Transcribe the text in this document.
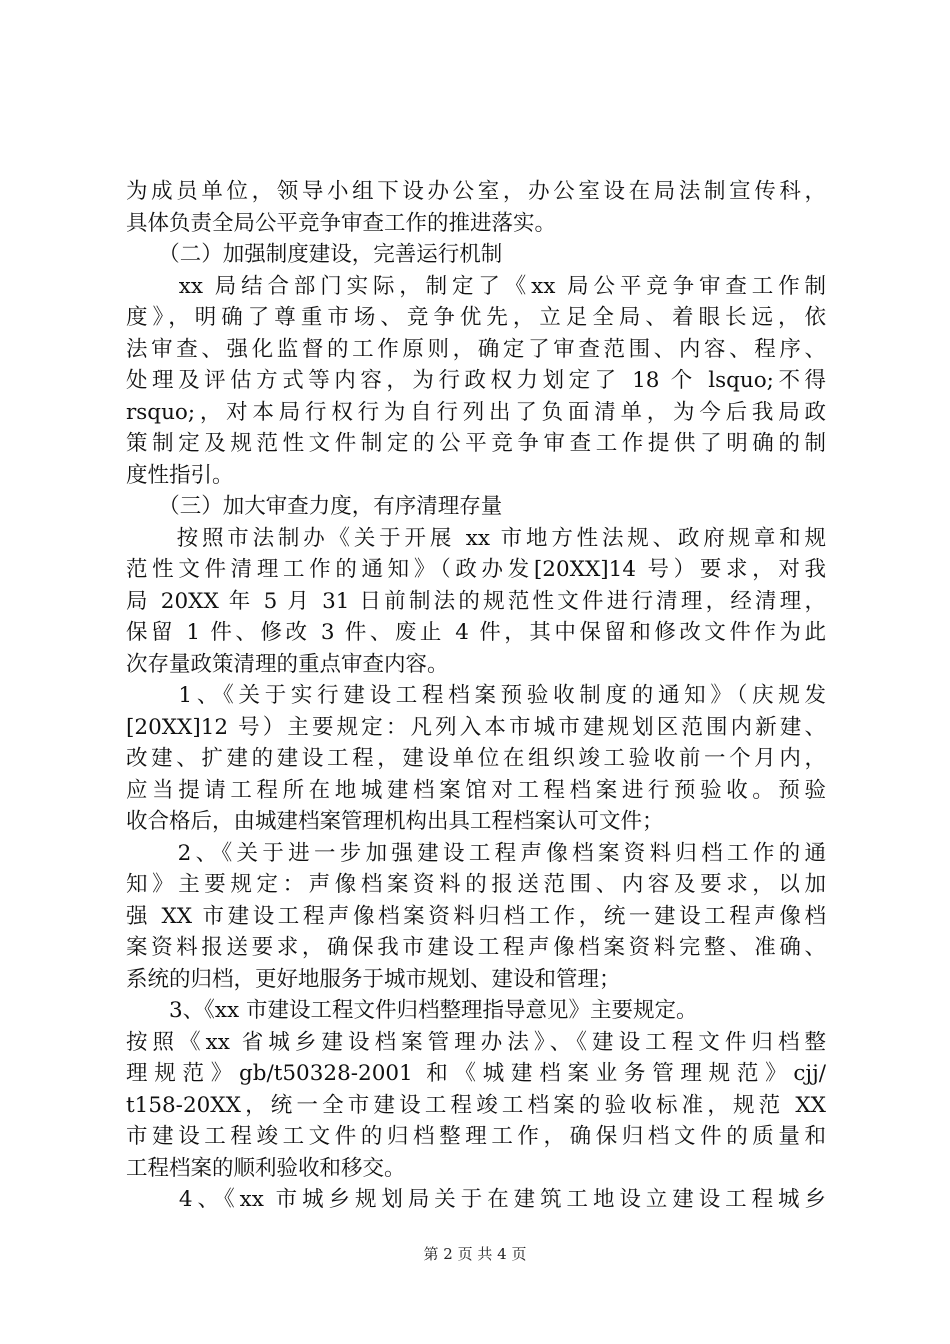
为成员单位，领导小组下设办公室，办公室设在局法制宣传科，
具体负责全局公平竞争审查工作的推进落实。
　　（二）加强制度建设，完善运行机制
　　xx 局结合部门实际，制定了《xx 局公平竞争审查工作制
度》，明确了尊重市场、竞争优先，立足全局、着眼长远，依
法审查、强化监督的工作原则，确定了审查范围、内容、程序、
处理及评估方式等内容，为行政权力划定了 18 个 lsquo;不得
rsquo;，对本局行权行为自行列出了负面清单，为今后我局政
策制定及规范性文件制定的公平竞争审查工作提供了明确的制
度性指引。
　　（三）加大审查力度，有序清理存量
　　按照市法制办《关于开展 xx 市地方性法规、政府规章和规
范性文件清理工作的通知》（政办发[20XX]14 号）要求，对我
局 20XX 年 5 月 31 日前制法的规范性文件进行清理，经清理，
保留 1 件、修改 3 件、废止 4 件，其中保留和修改文件作为此
次存量政策清理的重点审查内容。
　　1、《关于实行建设工程档案预验收制度的通知》（庆规发
[20XX]12 号）主要规定：凡列入本市城市建规划区范围内新建、
改建、扩建的建设工程，建设单位在组织竣工验收前一个月内，
应当提请工程所在地城建档案馆对工程档案进行预验收。预验
收合格后，由城建档案管理机构出具工程档案认可文件；
　　2、《关于进一步加强建设工程声像档案资料归档工作的通
知》主要规定：声像档案资料的报送范围、内容及要求，以加
强 XX 市建设工程声像档案资料归档工作，统一建设工程声像档
案资料报送要求，确保我市建设工程声像档案资料完整、准确、
系统的归档，更好地服务于城市规划、建设和管理；
　　3、《xx 市建设工程文件归档整理指导意见》主要规定。
按照《xx 省城乡建设档案管理办法》、《建设工程文件归档整
理规范》gb/t50328-2001 和《城建档案业务管理规范》cjj/
t158-20XX，统一全市建设工程竣工档案的验收标准，规范 XX
市建设工程竣工文件的归档整理工作，确保归档文件的质量和
工程档案的顺利验收和移交。
　　4、《xx 市城乡规划局关于在建筑工地设立建设工程城乡
第 2 页 共 4 页
